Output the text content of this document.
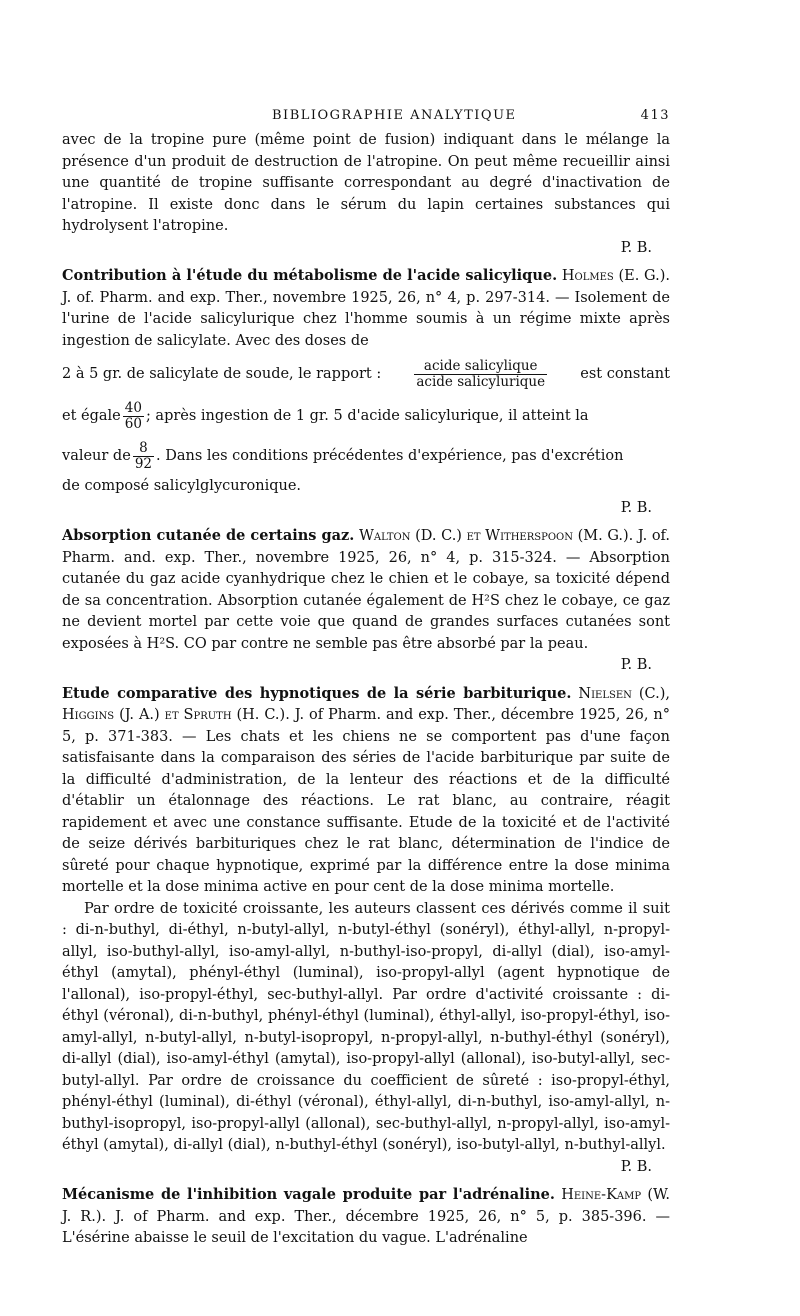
BIBLIOGRAPHIE ANALYTIQUE	413

avec de la tropine pure (même point de fusion) indiquant dans le mélange la présence d'un produit de destruction de l'atropine. On peut même recueillir ainsi une quantité de tropine suffisante correspondant au degré d'inactivation de l'atropine. Il existe donc dans le sérum du lapin certaines substances qui hydrolysent l'atropine.
P. B.

Contribution à l'étude du métabolisme de l'acide salicylique. Holmes (E. G.). J. of. Pharm. and exp. Ther., novembre 1925, 26, n° 4, p. 297-314. — Isolement de l'urine de l'acide salicylurique chez l'homme soumis à un régime mixte après ingestion de salicylate. Avec des doses de

2 à 5 gr. de salicylate de soude, le rapport : $\frac{\text{acide salicylique}}{\text{acide salicylurique}}$ est constant
et égale $\frac{40}{60}$ ; après ingestion de 1 gr. 5 d'acide salicylurique, il atteint la
valeur de $\frac{8}{92}$ . Dans les conditions précédentes d'expérience, pas d'excrétion

de composé salicylglycuronique.
P. B.

Absorption cutanée de certains gaz. Walton (D. C.) et Witherspoon (M. G.). J. of. Pharm. and. exp. Ther., novembre 1925, 26, n° 4, p. 315-324. — Absorption cutanée du gaz acide cyanhydrique chez le chien et le cobaye, sa toxicité dépend de sa concentration. Absorption cutanée également de H²S chez le cobaye, ce gaz ne devient mortel par cette voie que quand de grandes surfaces cutanées sont exposées à H²S. CO par contre ne semble pas être absorbé par la peau.
P. B.

Etude comparative des hypnotiques de la série barbiturique. Nielsen (C.), Higgins (J. A.) et Spruth (H. C.). J. of Pharm. and exp. Ther., décembre 1925, 26, n° 5, p. 371-383. — Les chats et les chiens ne se comportent pas d'une façon satisfaisante dans la comparaison des séries de l'acide barbiturique par suite de la difficulté d'administration, de la lenteur des réactions et de la difficulté d'établir un étalonnage des réactions. Le rat blanc, au contraire, réagit rapidement et avec une constance suffisante. Etude de la toxicité et de l'activité de seize dérivés barbituriques chez le rat blanc, détermination de l'indice de sûreté pour chaque hypnotique, exprimé par la différence entre la dose minima mortelle et la dose minima active en pour cent de la dose minima mortelle.

Par ordre de toxicité croissante, les auteurs classent ces dérivés comme il suit : di-n-buthyl, di-éthyl, n-butyl-allyl, n-butyl-éthyl (sonéryl), éthyl-allyl, n-propyl-allyl, iso-buthyl-allyl, iso-amyl-allyl, n-buthyl-iso-propyl, di-allyl (dial), iso-amyl-éthyl (amytal), phényl-éthyl (luminal), iso-propyl-allyl (agent hypnotique de l'allonal), iso-propyl-éthyl, sec-buthyl-allyl. Par ordre d'activité croissante : di-éthyl (véronal), di-n-buthyl, phényl-éthyl (luminal), éthyl-allyl, iso-propyl-éthyl, iso-amyl-allyl, n-butyl-allyl, n-butyl-isopropyl, n-propyl-allyl, n-buthyl-éthyl (sonéryl), di-allyl (dial), iso-amyl-éthyl (amytal), iso-propyl-allyl (allonal), iso-butyl-allyl, sec-butyl-allyl. Par ordre de croissance du coefficient de sûreté : iso-propyl-éthyl, phényl-éthyl (luminal), di-éthyl (véronal), éthyl-allyl, di-n-buthyl, iso-amyl-allyl, n-buthyl-isopropyl, iso-propyl-allyl (allonal), sec-buthyl-allyl, n-propyl-allyl, iso-amyl-éthyl (amytal), di-allyl (dial), n-buthyl-éthyl (sonéryl), iso-butyl-allyl, n-buthyl-allyl.
P. B.

Mécanisme de l'inhibition vagale produite par l'adrénaline. Heine-Kamp (W. J. R.). J. of Pharm. and exp. Ther., décembre 1925, 26, n° 5, p. 385-396. — L'ésérine abaisse le seuil de l'excitation du vague. L'adrénaline
